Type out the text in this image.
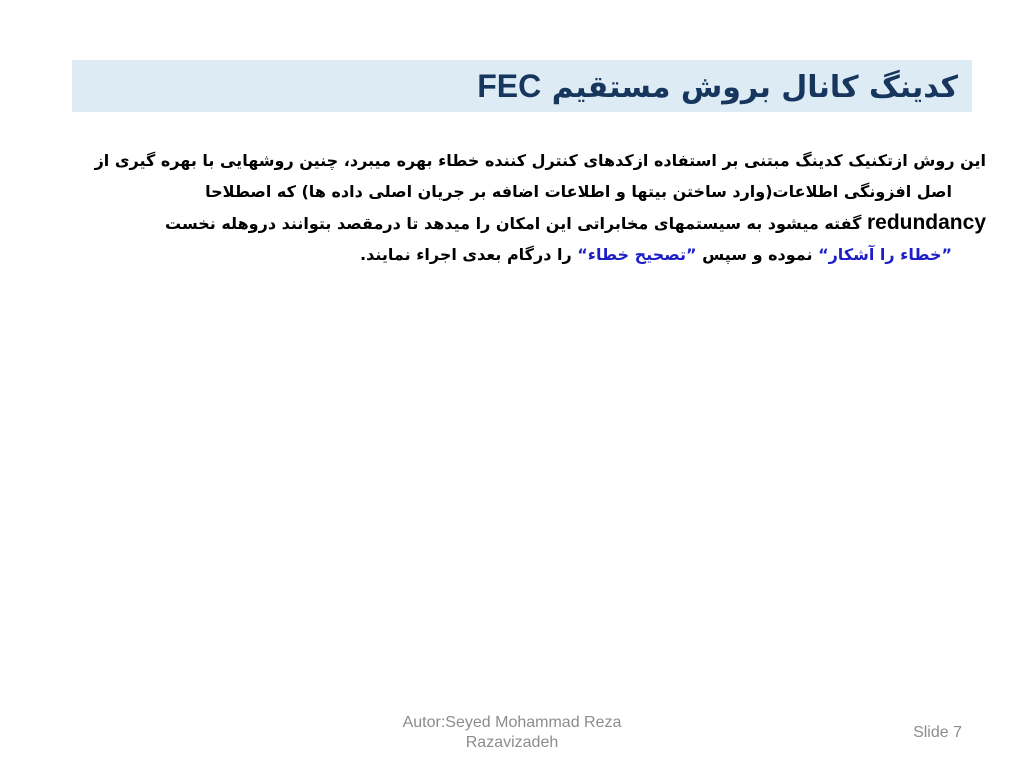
کدینگ کانال بروش مستقیم FEC
این روش ازتکنیک کدینگ مبتنی بر استفاده ازکدهای کنترل کننده خطاء بهره میبرد، چنین روشهایی با بهره گیری از
اصل افزونگی اطلاعات(وارد ساختن بیتها و اطلاعات اضافه بر جریان اصلی داده ها) که اصطلاحا
redundancy گفته میشود به سیستمهای مخابراتی این امکان را میدهد تا درمقصد بتوانند دروهله نخست
”خطاء را آشکار“ نموده و سپس ”تصحیح خطاء“ را درگام بعدی اجراء نمایند.
Autor:Seyed Mohammad Reza
Razavizadeh
Slide 7
